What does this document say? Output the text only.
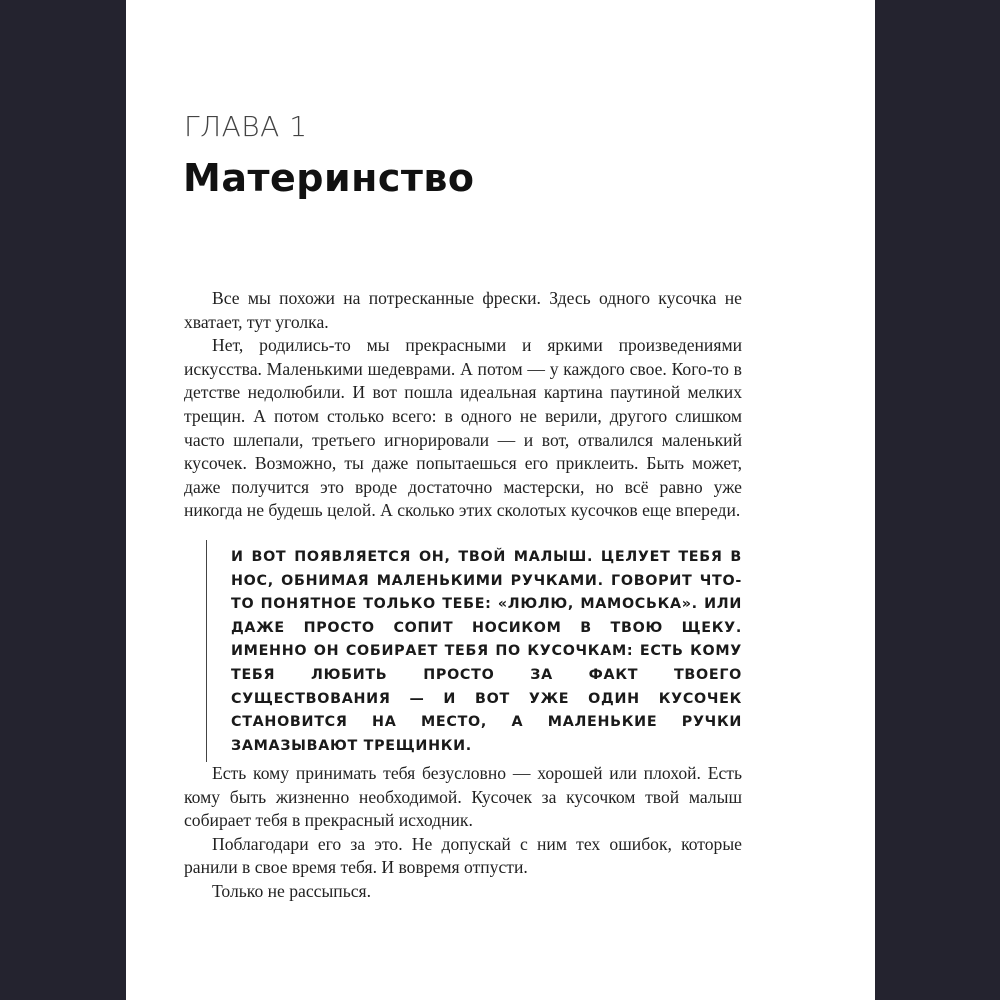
ГЛАВА 1
Материнство

Все мы похожи на потресканные фрески. Здесь одного кусочка не хватает, тут уголка.

Нет, родились-то мы прекрасными и яркими произведениями искусства. Маленькими шедеврами. А потом — у каждого свое. Кого-то в детстве недолюбили. И вот пошла идеальная картина паутиной мелких трещин. А потом столько всего: в одного не верили, другого слишком часто шлепали, третьего игнорировали — и вот, отвалился маленький кусочек. Возможно, ты даже попытаешься его приклеить. Быть может, даже получится это вроде достаточно мастерски, но всё равно уже никогда не будешь целой. А сколько этих сколотых кусочков еще впереди.

И ВОТ ПОЯВЛЯЕТСЯ ОН, ТВОЙ МАЛЫШ. ЦЕЛУЕТ ТЕБЯ В НОС, ОБНИМАЯ МАЛЕНЬКИМИ РУЧКАМИ. ГОВОРИТ ЧТО-ТО ПОНЯТНОЕ ТОЛЬКО ТЕБЕ: «ЛЮЛЮ, МАМОСЬКА». ИЛИ ДАЖЕ ПРОСТО СОПИТ НОСИКОМ В ТВОЮ ЩЕКУ. ИМЕННО ОН СОБИРАЕТ ТЕБЯ ПО КУСОЧКАМ: ЕСТЬ КОМУ ТЕБЯ ЛЮБИТЬ ПРОСТО ЗА ФАКТ ТВОЕГО СУЩЕСТВОВАНИЯ — И ВОТ УЖЕ ОДИН КУСОЧЕК СТАНОВИТСЯ НА МЕСТО, А МАЛЕНЬКИЕ РУЧКИ ЗАМАЗЫВАЮТ ТРЕЩИНКИ.

Есть кому принимать тебя безусловно — хорошей или плохой. Есть кому быть жизненно необходимой. Кусочек за кусочком твой малыш собирает тебя в прекрасный исходник.

Поблагодари его за это. Не допускай с ним тех ошибок, которые ранили в свое время тебя. И вовремя отпусти.

Только не рассыпься.
